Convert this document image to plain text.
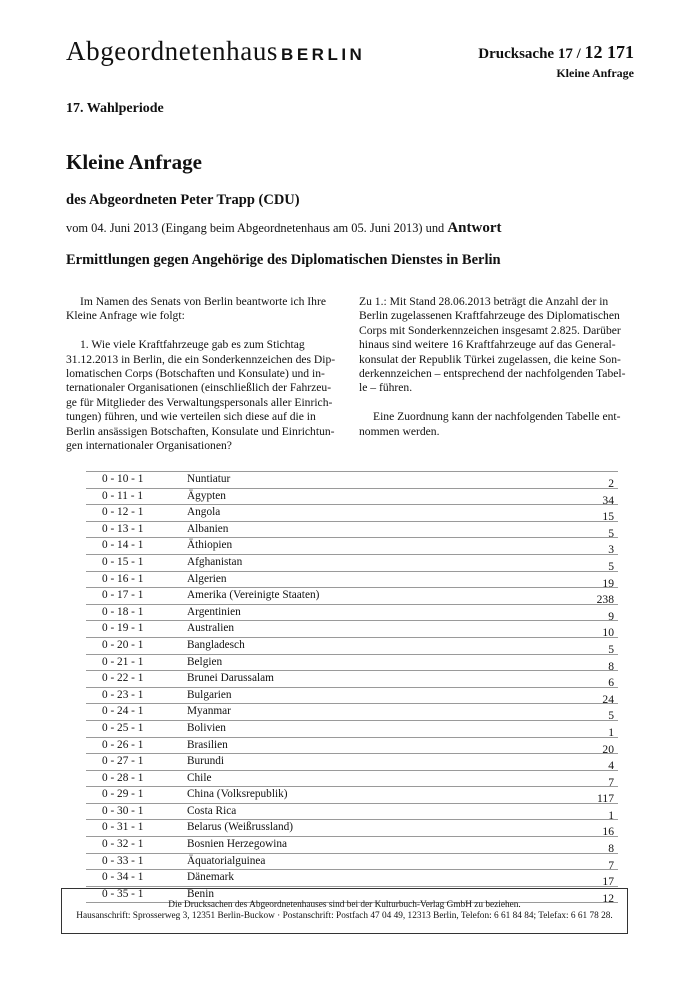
Abgeordnetenhaus BERLIN	Drucksache 17 / 12 171
Kleine Anfrage
17. Wahlperiode
Kleine Anfrage
des Abgeordneten Peter Trapp (CDU)
vom 04. Juni 2013 (Eingang beim Abgeordnetenhaus am 05. Juni 2013) und Antwort
Ermittlungen gegen Angehörige des Diplomatischen Dienstes in Berlin

Im Namen des Senats von Berlin beantworte ich Ihre
Kleine Anfrage wie folgt:

1. Wie viele Kraftfahrzeuge gab es zum Stichtag
31.12.2013 in Berlin, die ein Sonderkennzeichen des Dip-
lomatischen Corps (Botschaften und Konsulate) und in-
ternationaler Organisationen (einschließlich der Fahrzeu-
ge für Mitglieder des Verwaltungspersonals aller Einrich-
tungen) führen, und wie verteilen sich diese auf die in
Berlin ansässigen Botschaften, Konsulate und Einrichtun-
gen internationaler Organisationen?

Zu 1.: Mit Stand 28.06.2013 beträgt die Anzahl der in
Berlin zugelassenen Kraftfahrzeuge des Diplomatischen
Corps mit Sonderkennzeichen insgesamt 2.825. Darüber
hinaus sind weitere 16 Kraftfahrzeuge auf das General-
konsulat der Republik Türkei zugelassen, die keine Son-
derkennzeichen – entsprechend der nachfolgenden Tabel-
le – führen.

Eine Zuordnung kann der nachfolgenden Tabelle ent-
nommen werden.

0 - 10 - 1	Nuntiatur	2
0 - 11 - 1	Ägypten	34
0 - 12 - 1	Angola	15
0 - 13 - 1	Albanien	5
0 - 14 - 1	Äthiopien	3
0 - 15 - 1	Afghanistan	5
0 - 16 - 1	Algerien	19
0 - 17 - 1	Amerika (Vereinigte Staaten)	238
0 - 18 - 1	Argentinien	9
0 - 19 - 1	Australien	10
0 - 20 - 1	Bangladesch	5
0 - 21 - 1	Belgien	8
0 - 22 - 1	Brunei Darussalam	6
0 - 23 - 1	Bulgarien	24
0 - 24 - 1	Myanmar	5
0 - 25 - 1	Bolivien	1
0 - 26 - 1	Brasilien	20
0 - 27 - 1	Burundi	4
0 - 28 - 1	Chile	7
0 - 29 - 1	China (Volksrepublik)	117
0 - 30 - 1	Costa Rica	1
0 - 31 - 1	Belarus (Weißrussland)	16
0 - 32 - 1	Bosnien Herzegowina	8
0 - 33 - 1	Äquatorialguinea	7
0 - 34 - 1	Dänemark	17
0 - 35 - 1	Benin	12
Die Drucksachen des Abgeordnetenhauses sind bei der Kulturbuch-Verlag GmbH zu beziehen.
Hausanschrift: Sprosserweg 3, 12351 Berlin-Buckow · Postanschrift: Postfach 47 04 49, 12313 Berlin, Telefon: 6 61 84 84; Telefax: 6 61 78 28.
